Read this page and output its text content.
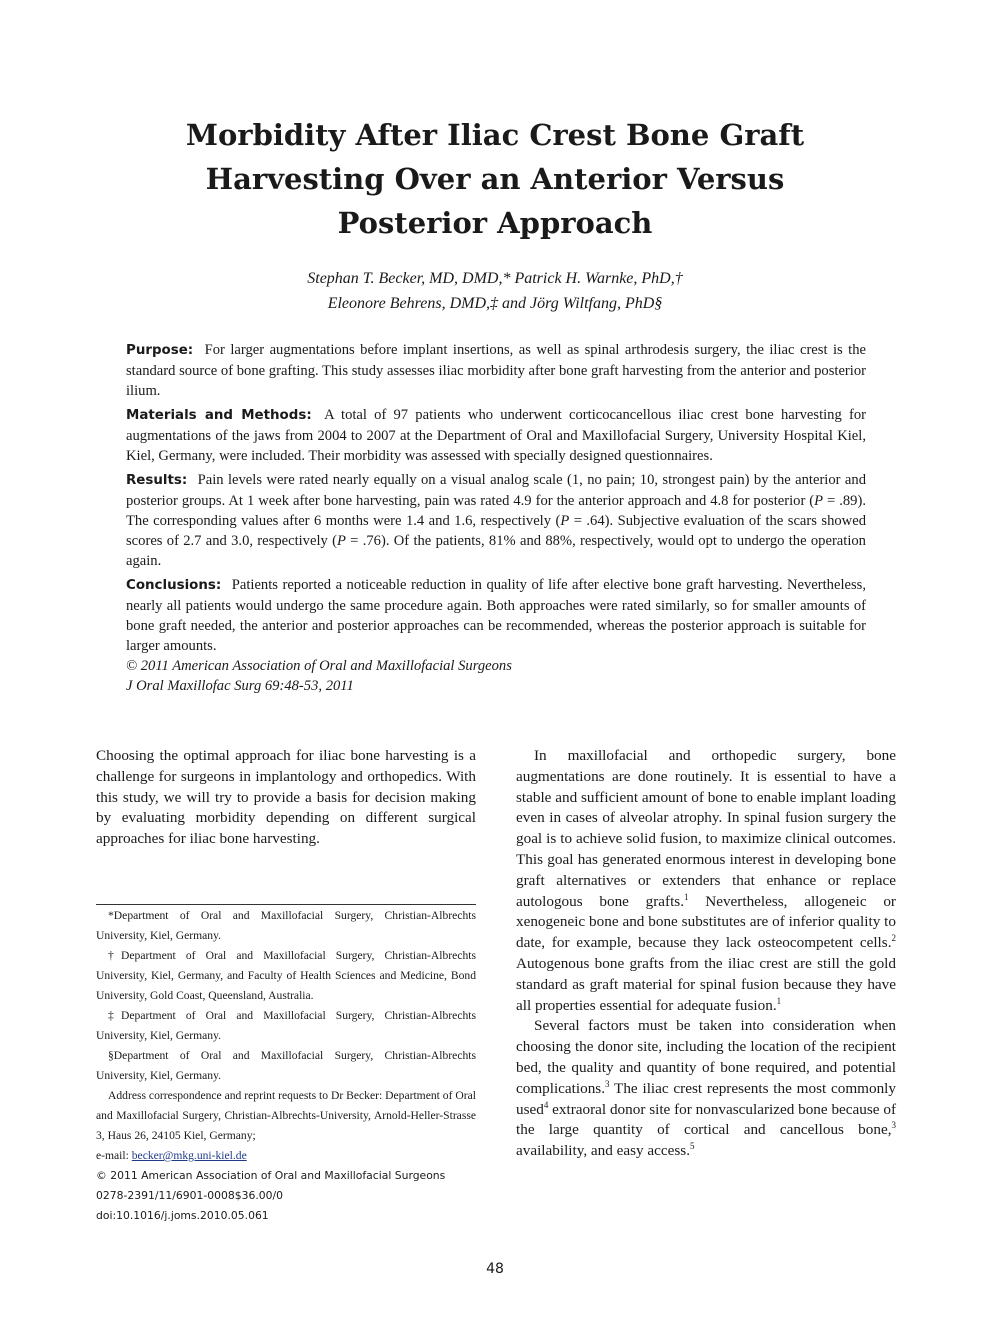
Morbidity After Iliac Crest Bone Graft
Harvesting Over an Anterior Versus
Posterior Approach
Stephan T. Becker, MD, DMD,* Patrick H. Warnke, PhD,†
Eleonore Behrens, DMD,‡ and Jörg Wiltfang, PhD§

Purpose: For larger augmentations before implant insertions, as well as spinal arthrodesis surgery, the iliac crest is the standard source of bone grafting. This study assesses iliac morbidity after bone graft harvesting from the anterior and posterior ilium.

Materials and Methods: A total of 97 patients who underwent corticocancellous iliac crest bone harvesting for augmentations of the jaws from 2004 to 2007 at the Department of Oral and Maxillofacial Surgery, University Hospital Kiel, Kiel, Germany, were included. Their morbidity was assessed with specially designed questionnaires.

Results: Pain levels were rated nearly equally on a visual analog scale (1, no pain; 10, strongest pain) by the anterior and posterior groups. At 1 week after bone harvesting, pain was rated 4.9 for the anterior approach and 4.8 for posterior (P = .89). The corresponding values after 6 months were 1.4 and 1.6, respectively (P = .64). Subjective evaluation of the scars showed scores of 2.7 and 3.0, respectively (P = .76). Of the patients, 81% and 88%, respectively, would opt to undergo the operation again.

Conclusions: Patients reported a noticeable reduction in quality of life after elective bone graft harvesting. Nevertheless, nearly all patients would undergo the same procedure again. Both approaches were rated similarly, so for smaller amounts of bone graft needed, the anterior and posterior approaches can be recommended, whereas the posterior approach is suitable for larger amounts.

© 2011 American Association of Oral and Maxillofacial Surgeons

J Oral Maxillofac Surg 69:48-53, 2011

Choosing the optimal approach for iliac bone harvesting is a challenge for surgeons in implantology and orthopedics. With this study, we will try to provide a basis for decision making by evaluating morbidity depending on different surgical approaches for iliac bone harvesting.

*Department of Oral and Maxillofacial Surgery, Christian-Albrechts University, Kiel, Germany.

†Department of Oral and Maxillofacial Surgery, Christian-Albrechts University, Kiel, Germany, and Faculty of Health Sciences and Medicine, Bond University, Gold Coast, Queensland, Australia.

‡Department of Oral and Maxillofacial Surgery, Christian-Albrechts University, Kiel, Germany.

§Department of Oral and Maxillofacial Surgery, Christian-Albrechts University, Kiel, Germany.

Address correspondence and reprint requests to Dr Becker: Department of Oral and Maxillofacial Surgery, Christian-Albrechts-University, Arnold-Heller-Strasse 3, Haus 26, 24105 Kiel, Germany;

e-mail: becker@mkg.uni-kiel.de

© 2011 American Association of Oral and Maxillofacial Surgeons

0278-2391/11/6901-0008$36.00/0

doi:10.1016/j.joms.2010.05.061

In maxillofacial and orthopedic surgery, bone augmentations are done routinely. It is essential to have a stable and sufficient amount of bone to enable implant loading even in cases of alveolar atrophy. In spinal fusion surgery the goal is to achieve solid fusion, to maximize clinical outcomes. This goal has generated enormous interest in developing bone graft alternatives or extenders that enhance or replace autologous bone grafts.$^1$ Nevertheless, allogeneic or xenogeneic bone and bone substitutes are of inferior quality to date, for example, because they lack osteocompetent cells.$^2$ Autogenous bone grafts from the iliac crest are still the gold standard as graft material for spinal fusion because they have all properties essential for adequate fusion.$^1$

Several factors must be taken into consideration when choosing the donor site, including the location of the recipient bed, the quality and quantity of bone required, and potential complications.$^3$ The iliac crest represents the most commonly used$^4$ extraoral donor site for nonvascularized bone because of the large quantity of cortical and cancellous bone,$^3$ availability, and easy access.$^5$

48
